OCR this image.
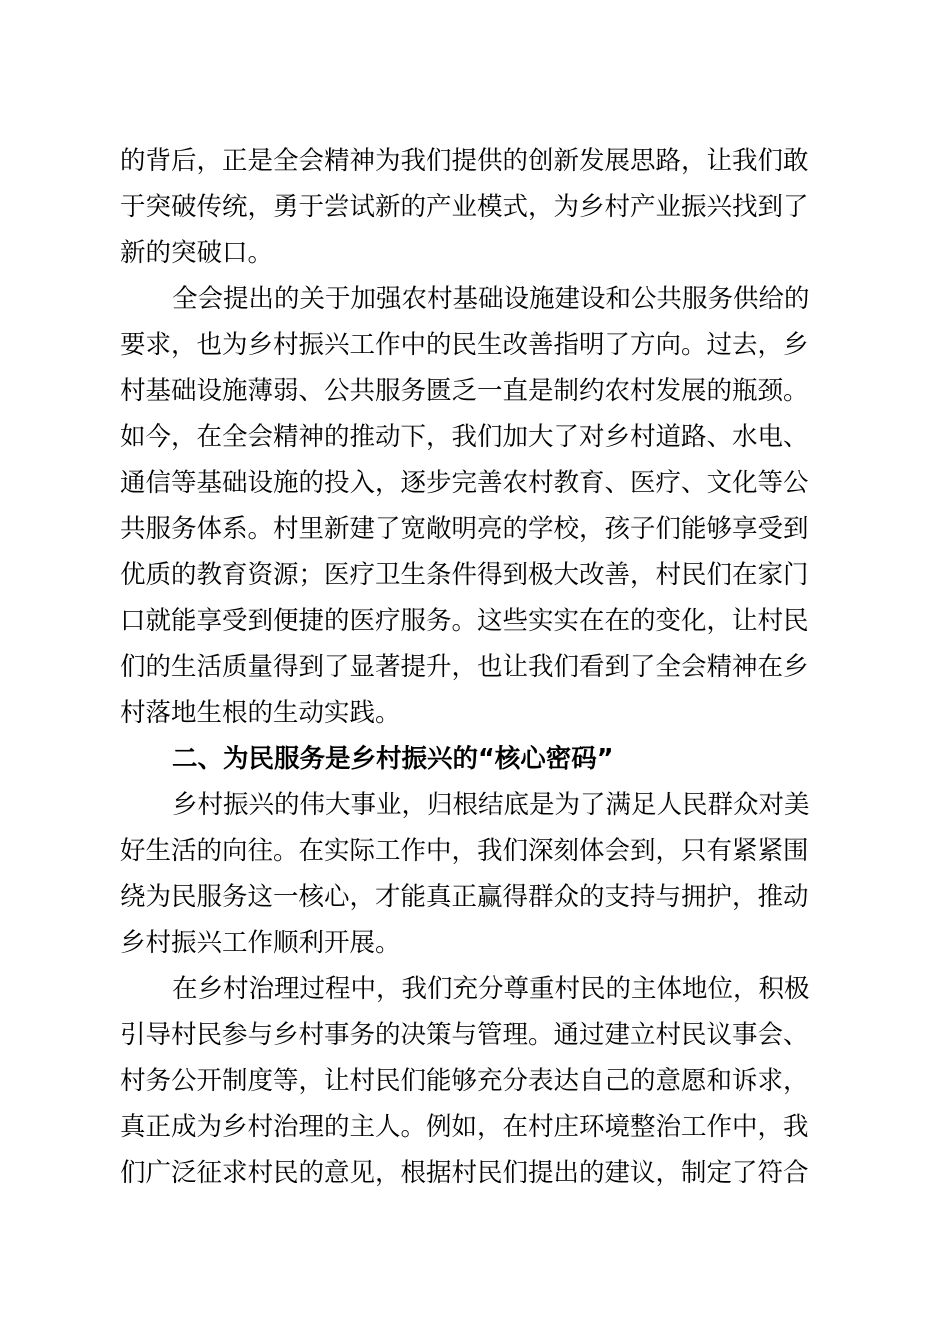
的背后，正是全会精神为我们提供的创新发展思路，让我们敢
于突破传统，勇于尝试新的产业模式，为乡村产业振兴找到了
新的突破口。
全会提出的关于加强农村基础设施建设和公共服务供给的
要求，也为乡村振兴工作中的民生改善指明了方向。过去，乡
村基础设施薄弱、公共服务匮乏一直是制约农村发展的瓶颈。
如今，在全会精神的推动下，我们加大了对乡村道路、水电、
通信等基础设施的投入，逐步完善农村教育、医疗、文化等公
共服务体系。村里新建了宽敞明亮的学校，孩子们能够享受到
优质的教育资源；医疗卫生条件得到极大改善，村民们在家门
口就能享受到便捷的医疗服务。这些实实在在的变化，让村民
们的生活质量得到了显著提升，也让我们看到了全会精神在乡
村落地生根的生动实践。
二、为民服务是乡村振兴的“核心密码”
乡村振兴的伟大事业，归根结底是为了满足人民群众对美
好生活的向往。在实际工作中，我们深刻体会到，只有紧紧围
绕为民服务这一核心，才能真正赢得群众的支持与拥护，推动
乡村振兴工作顺利开展。
在乡村治理过程中，我们充分尊重村民的主体地位，积极
引导村民参与乡村事务的决策与管理。通过建立村民议事会、
村务公开制度等，让村民们能够充分表达自己的意愿和诉求，
真正成为乡村治理的主人。例如，在村庄环境整治工作中，我
们广泛征求村民的意见，根据村民们提出的建议，制定了符合
